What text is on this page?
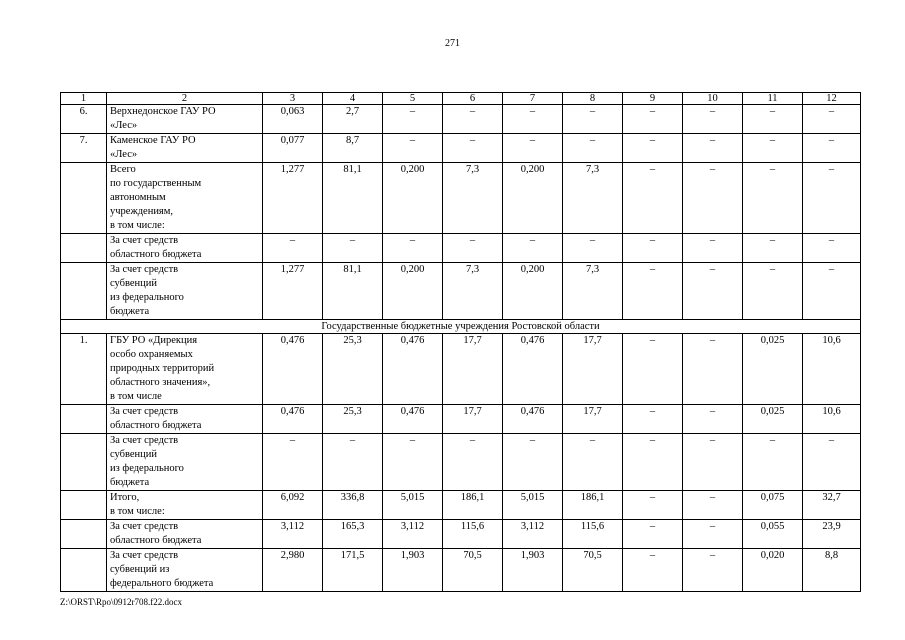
271
1	2	3	4	5	6	7	8	9	10	11	12
6.	Верхнедонское ГАУ РО
«Лес»	0,063	2,7	–	–	–	–	–	–	–	–
7.	Каменское ГАУ РО
«Лес»	0,077	8,7	–	–	–	–	–	–	–	–

	Всего
по государственным
автономным
учреждениям,
в том числе:	1,277	81,1	0,200	7,3	0,200	7,3	–	–	–	–

	За счет средств
областного бюджета	–	–	–	–	–	–	–	–	–	–

	За счет средств
субвенций
из федерального
бюджета	1,277	81,1	0,200	7,3	0,200	7,3	–	–	–	–
Государственные бюджетные учреждения Ростовской области											
1.	ГБУ РО «Дирекция
особо охраняемых
природных территорий
областного значения»,
в том числе	0,476	25,3	0,476	17,7	0,476	17,7	–	–	0,025	10,6

	За счет средств
областного бюджета	0,476	25,3	0,476	17,7	0,476	17,7	–	–	0,025	10,6

	За счет средств
субвенций
из федерального
бюджета	–	–	–	–	–	–	–	–	–	–

	Итого,
в том числе:	6,092	336,8	5,015	186,1	5,015	186,1	–	–	0,075	32,7

	За счет средств
областного бюджета	3,112	165,3	3,112	115,6	3,112	115,6	–	–	0,055	23,9

	За счет средств
субвенций из
федерального бюджета	2,980	171,5	1,903	70,5	1,903	70,5	–	–	0,020	8,8
Z:\ORST\Rpo\0912r708.f22.docx
